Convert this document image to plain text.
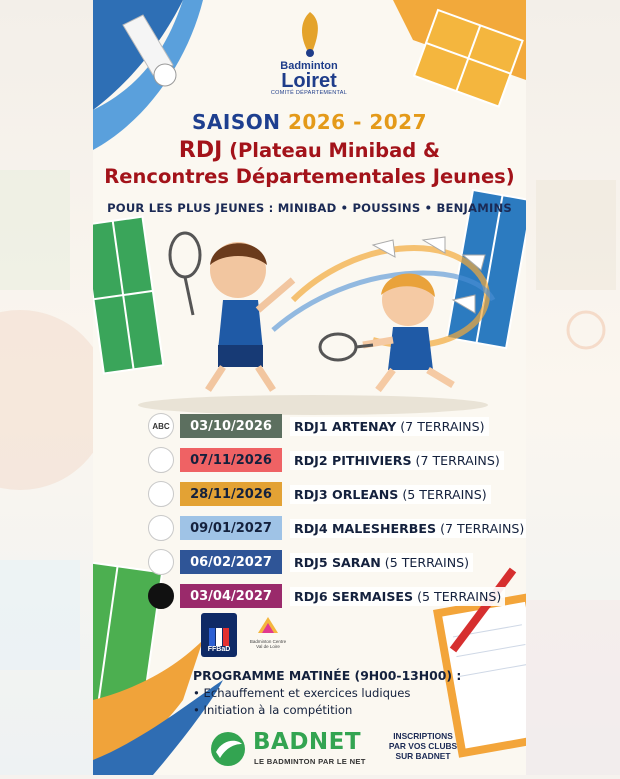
Badminton
Loiret
COMITÉ DÉPARTEMENTAL
SAISON 2026 - 2027
RDJ (Plateau Minibad &
Rencontres Départementales Jeunes)
POUR LES PLUS JEUNES : MINIBAD • POUSSINS • BENJAMINS
ABC	03/10/2026	RDJ1 ARTENAY (7 TERRAINS)
07/11/2026	RDJ2 PITHIVIERS (7 TERRAINS)
28/11/2026	RDJ3 ORLEANS (5 TERRAINS)
09/01/2027	RDJ4 MALESHERBES (7 TERRAINS)
06/02/2027	RDJ5 SARAN (5 TERRAINS)
03/04/2027	RDJ6 SERMAISES (5 TERRAINS)
FFBaD
Badminton Centre Val de Loire
PROGRAMME MATINÉE (9H00-13H00) :
• Echauffement et exercices ludiques
• Initiation à la compétition
BADNET
LE BADMINTON PAR LE NET
INSCRIPTIONS
PAR VOS CLUBS
SUR BADNET
